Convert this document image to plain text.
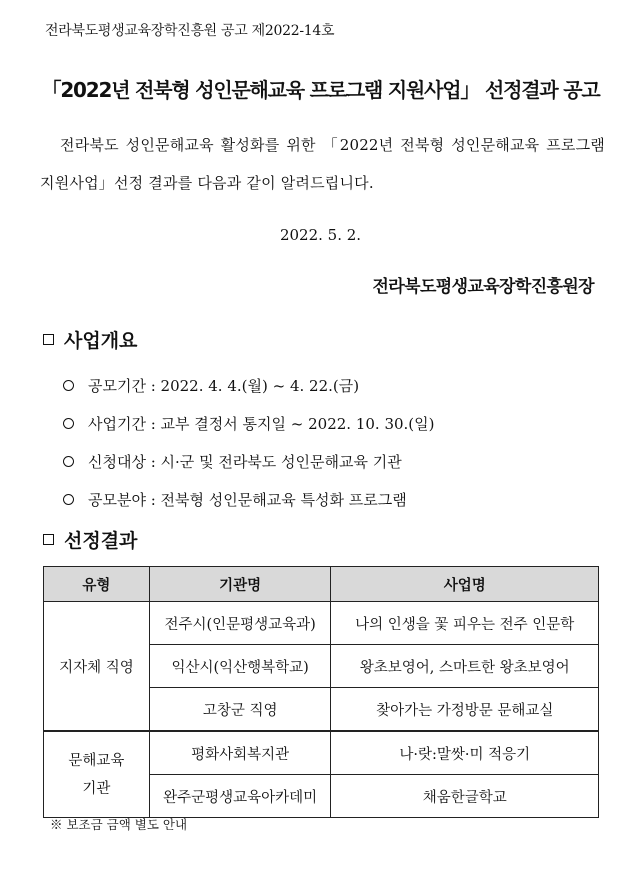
전라북도평생교육장학진흥원 공고 제2022-14호
「2022년 전북형 성인문해교육 프로그램 지원사업」 선정결과 공고
전라북도 성인문해교육 활성화를 위한 「2022년 전북형 성인문해교육 프로그램 지원사업」선정 결과를 다음과 같이 알려드립니다.
2022. 5. 2.
전라북도평생교육장학진흥원장
사업개요
공모기간 : 2022. 4. 4.(월) ~ 4. 22.(금)
사업기간 : 교부 결정서 통지일 ~ 2022. 10. 30.(일)
신청대상 : 시·군 및 전라북도 성인문해교육 기관
공모분야 : 전북형 성인문해교육 특성화 프로그램
선정결과
유형	기관명	사업명
지자체 직영	전주시(인문평생교육과)	나의 인생을 꽃 피우는 전주 인문학
	익산시(익산행복학교)	왕초보영어, 스마트한 왕초보영어
	고창군 직영	찾아가는 가정방문 문해교실

문해교육
기관	평화사회복지관	나·랏:말쌋·미 적응기
	완주군평생교육아카데미	채움한글학교
※ 보조금 금액 별도 안내
